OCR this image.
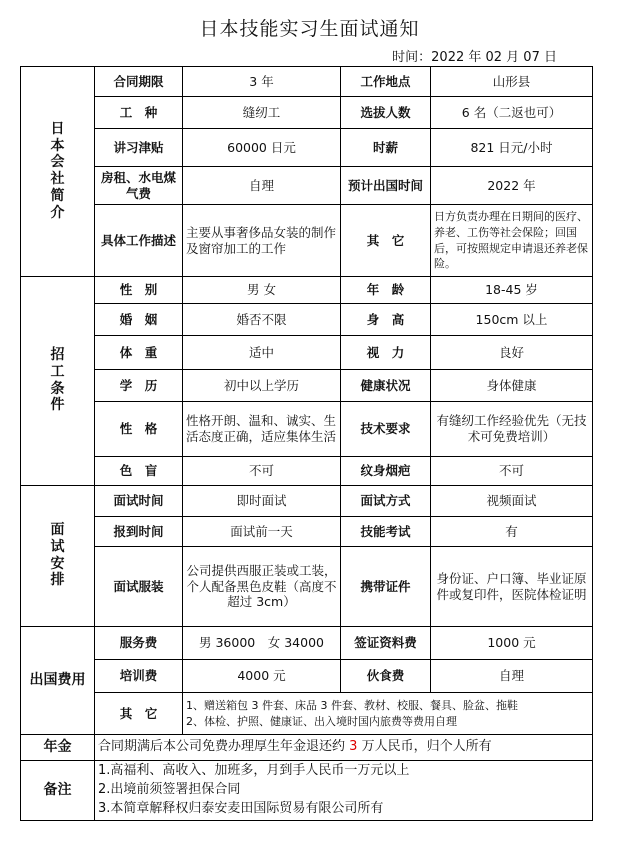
日本技能实习生面试通知
时间：2022 年 02 月 07 日
日本会社简介	合同期限	3 年	工作地点	山形县
	工　种	缝纫工	选拔人数	6 名（二返也可）
	讲习津贴	60000 日元	时薪	821 日元/小时
	房租、水电煤气费	自理	预计出国时间	2022 年
	具体工作描述	主要从事奢侈品女装的制作及窗帘加工的工作	其　它	日方负责办理在日期间的医疗、养老、工伤等社会保险；回国后，可按照规定申请退还养老保险。
招工条件	性　别	男 女	年　龄	18-45 岁
	婚　姻	婚否不限	身　高	150cm 以上
	体　重	适中	视　力	良好
	学　历	初中以上学历	健康状况	身体健康
	性　格	性格开朗、温和、诚实、生活态度正确，适应集体生活	技术要求	有缝纫工作经验优先（无技术可免费培训）
	色　盲	不可	纹身烟疤	不可
面试安排	面试时间	即时面试	面试方式	视频面试
	报到时间	面试前一天	技能考试	有
	面试服装	公司提供西服正装或工装，个人配备黑色皮鞋（高度不超过 3cm）	携带证件	身份证、户口簿、毕业证原件或复印件，医院体检证明
出国费用	服务费	男 36000　女 34000	签证资料费	1000 元
	培训费	4000 元	伙食费	自理
	其　它	1、赠送箱包 3 件套、床品 3 件套、教材、校服、餐具、脸盆、拖鞋
2、体检、护照、健康证、出入境时国内旅费等费用自理		

年金	合同期满后本公司免费办理厚生年金退还约 3 万人民币，归个人所有			
备注	1.高福利、高收入、加班多，月到手人民币一万元以上
2.出境前须签署担保合同
3.本简章解释权归泰安麦田国际贸易有限公司所有			
